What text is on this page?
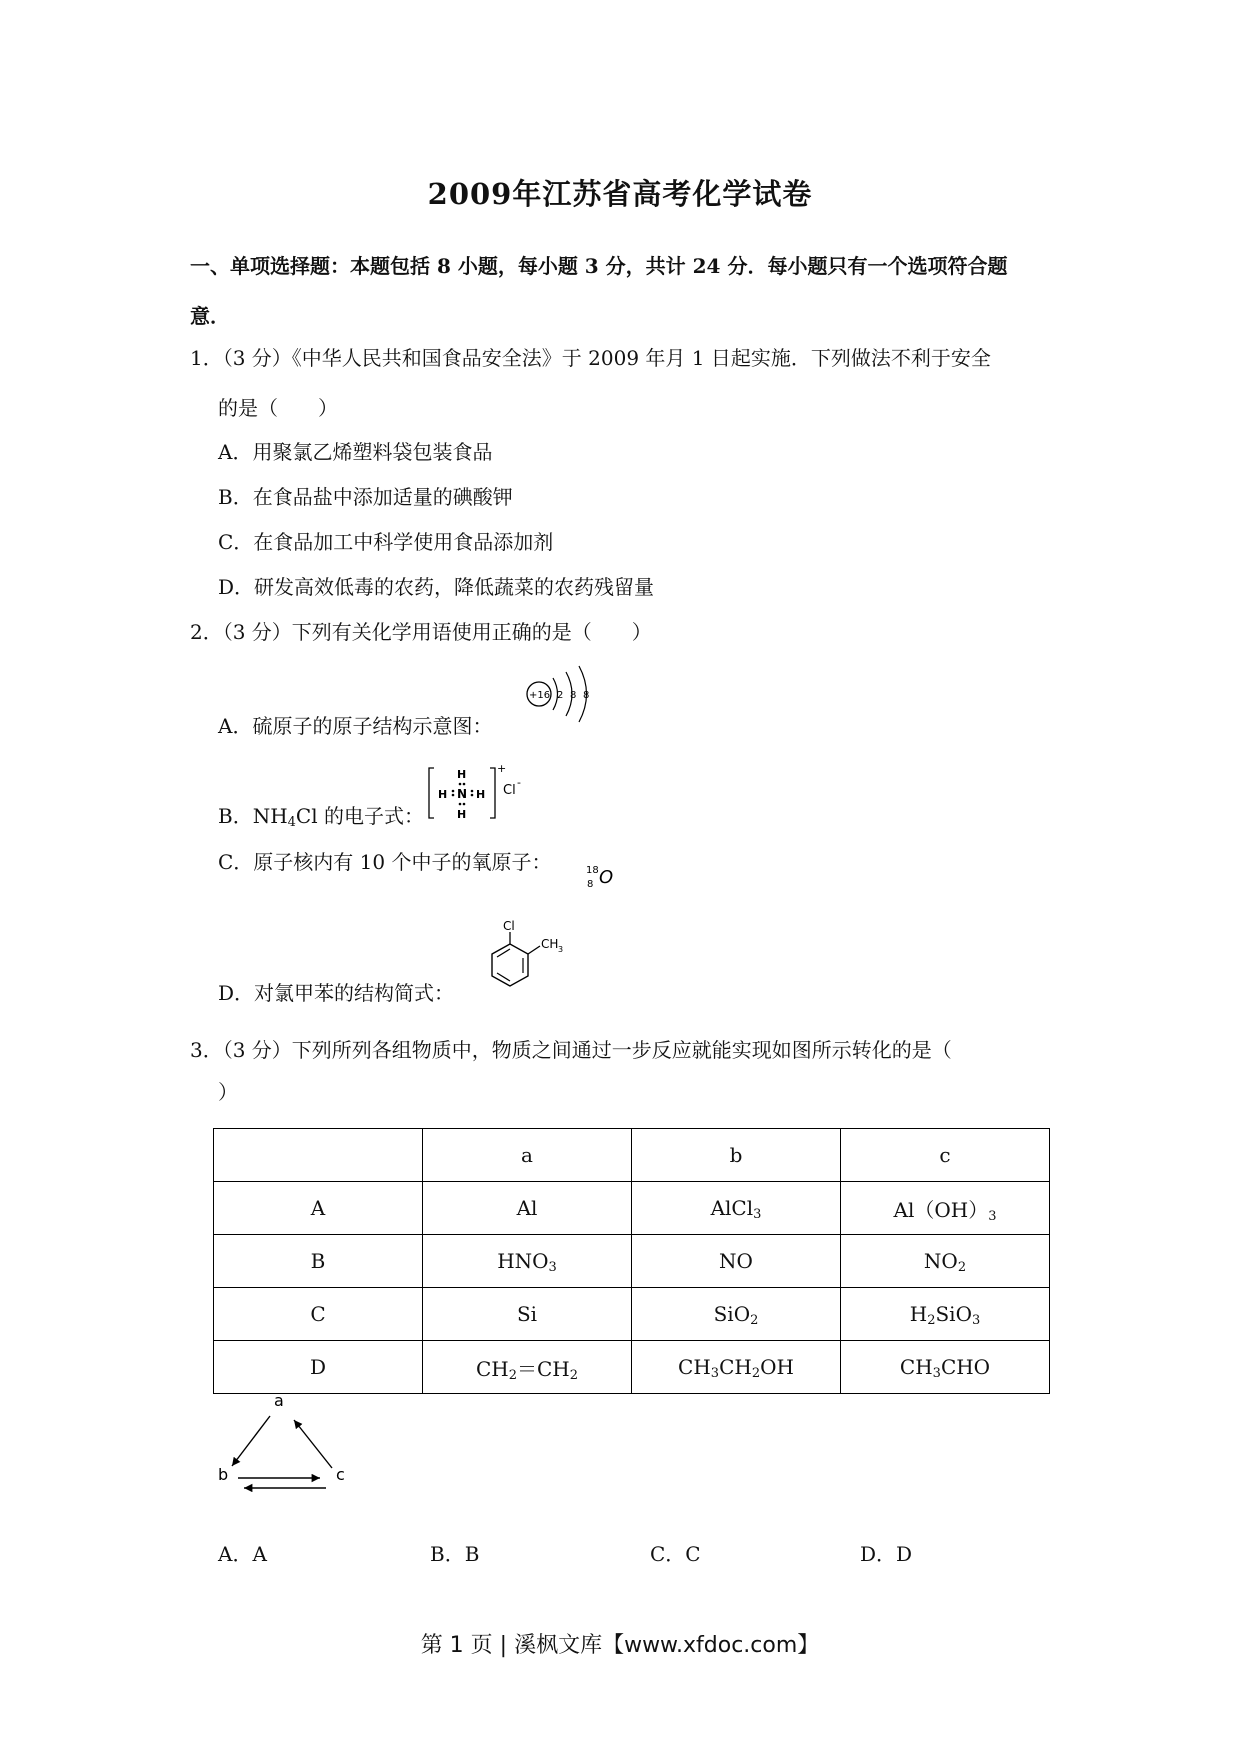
2009年江苏省高考化学试卷
一、单项选择题：本题包括 8 小题，每小题 3 分，共计 24 分．每小题只有一个选项符合题
意．
1．（3 分）《中华人民共和国食品安全法》于 2009 年月 1 日起实施．下列做法不利于安全
的是（　　）
A．用聚氯乙烯塑料袋包装食品
B．在食品盐中添加适量的碘酸钾
C．在食品加工中科学使用食品添加剂
D．研发高效低毒的农药，降低蔬菜的农药残留量
2．（3 分）下列有关化学用语使用正确的是（　　）
A．硫原子的原子结构示意图：
+16 2 8 8
B．$NH_4Cl$ 的电子式：
H
H N H
H
+
Cl
-
C．原子核内有 10 个中子的氧原子：	18
8 O
D．对氯甲苯的结构简式：
Cl
CH 3
3．（3 分）下列所列各组物质中，物质之间通过一步反应就能实现如图所示转化的是（
）
	a	b	c
A	Al	AlCl$_3$	$Al(OH)_3$
B	$HNO_3$	NO	$NO_2$
C	Si	SiO$_2$	$H_2SiO_3$
D	$CH_2=CH_2$	$CH_3CH_2OH$	$CH_3CHO$
a
b	c
A．A	B．B	C．C	D．D
第 1 页 | 溪枫文库【www.xfdoc.com】
